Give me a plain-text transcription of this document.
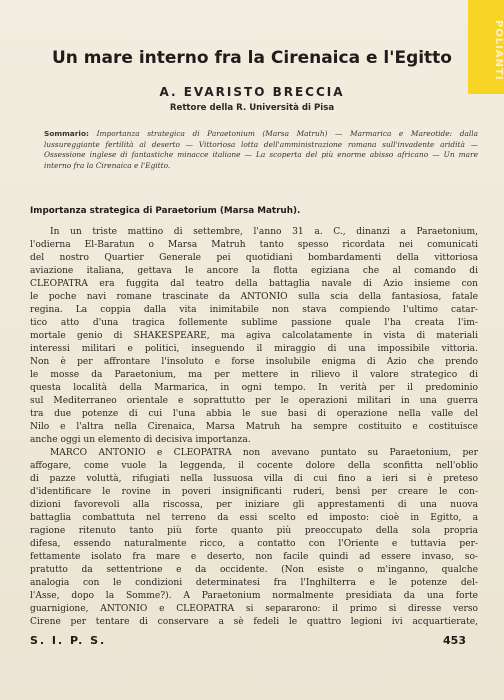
POLIANTI
Un mare interno fra la Cirenaica e l'Egitto
A. EVARISTO BRECCIA
Rettore della R. Università di Pisa

Sommario: Importanza strategica di Paraetonium (Marsa Matruh) — Marmarica e Mareotide: dalla lussureggiante fertilità al deserto — Vittoriosa lotta dell'amministrazione romana sull'invadente aridità — Ossessione inglese di fantastiche minacce italiane — La scoperta del più enorme abisso africano — Un mare interno fra la Cirenaica e l'Egitto.

Importanza strategica di Paraetorium (Marsa Matruh).
In un triste mattino di settembre, l'anno 31 a. C., dinanzi a Paraetonium,
l'odierna El-Baratun o Marsa Matruh tanto spesso ricordata nei comunicati
del nostro Quartier Generale pei quotidiani bombardamenti della vittoriosa
aviazione italiana, gettava le ancore la flotta egiziana che al comando di
CLEOPATRA era fuggita dal teatro della battaglia navale di Azio insieme con
le poche navi romane trascinate da ANTONIO sulla scia della fantasiosa, fatale
regina. La coppia dalla vita inimitabile non stava compiendo l'ultimo catar-
tico atto d'una tragica follemente sublime passione quale l'ha creata l'im-
mortale genio di SHAKESPEARE, ma agiva calcolatamente in vista di materiali
interessi militari e politici, inseguendo il miraggio di una impossibile vittoria.
Non è per affrontare l'insoluto e forse insolubile enigma di Azio che prendo
le mosse da Paraetonium, ma per mettere in rilievo il valore strategico di
questa località della Marmarica, in ogni tempo. In verità per il predominio
sul Mediterraneo orientale e soprattutto per le operazioni militari in una guerra
tra due potenze di cui l'una abbia le sue basi di operazione nella valle del
Nilo e l'altra nella Cirenaica, Marsa Matruh ha sempre costituito e costituisce
anche oggi un elemento di decisiva importanza.
MARCO ANTONIO e CLEOPATRA non avevano puntato su Paraetonium, per
affogare, come vuole la leggenda, il cocente dolore della sconfitta nell'oblio
di pazze voluttà, rifugiati nella lussuosa villa di cui fino a ieri si è preteso
d'identificare le rovine in poveri insignificanti ruderi, bensì per creare le con-
dizioni favorevoli alla riscossa, per iniziare gli apprestamenti di una nuova
battaglia combattuta nel terreno da essi scelto ed imposto: cioè in Egitto, a
ragione ritenuto tanto più forte quanto più preoccupato della sola propria
difesa, essendo naturalmente ricco, a contatto con l'Oriente e tuttavia per-
fettamente isolato fra mare e deserto, non facile quindi ad essere invaso, so-
pratutto da settentrione e da occidente. (Non esiste o m'inganno, qualche
analogia con le condizioni determinatesi fra l'Inghilterra e le potenze del-
l'Asse, dopo la Somme?). A Paraetonium normalmente presidiata da una forte
guarnigione, ANTONIO e CLEOPATRA si separarono: il primo si diresse verso
Cirene per tentare di conservare a sè fedeli le quattro legioni ivi acquartierate,
S. I. P. S.	453
